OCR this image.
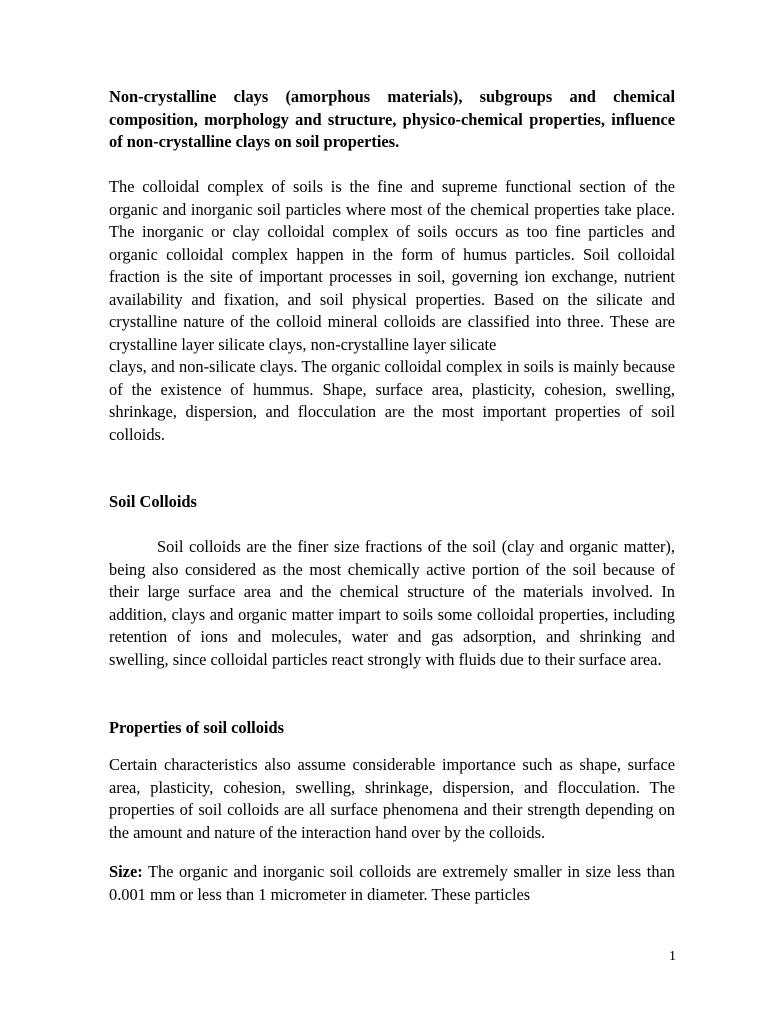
Non-crystalline clays (amorphous materials), subgroups and chemical composition, morphology and structure, physico-chemical properties, influence of non-crystalline clays on soil properties.

The colloidal complex of soils is the fine and supreme functional section of the organic and inorganic soil particles where most of the chemical properties take place. The inorganic or clay colloidal complex of soils occurs as too fine particles and organic colloidal complex happen in the form of humus particles. Soil colloidal fraction is the site of important processes in soil, governing ion exchange, nutrient availability and fixation, and soil physical properties. Based on the silicate and crystalline nature of the colloid mineral colloids are classified into three. These are crystalline layer silicate clays, non-crystalline layer silicate
clays, and non-silicate clays. The organic colloidal complex in soils is mainly because of the existence of hummus. Shape, surface area, plasticity, cohesion, swelling, shrinkage, dispersion, and flocculation are the most important properties of soil colloids.

Soil Colloids

Soil colloids are the finer size fractions of the soil (clay and organic matter), being also considered as the most chemically active portion of the soil because of their large surface area and the chemical structure of the materials involved. In addition, clays and organic matter impart to soils some colloidal properties, including retention of ions and molecules, water and gas adsorption, and shrinking and swelling, since colloidal particles react strongly with fluids due to their surface area.

Properties of soil colloids

Certain characteristics also assume considerable importance such as shape, surface area, plasticity, cohesion, swelling, shrinkage, dispersion, and flocculation. The properties of soil colloids are all surface phenomena and their strength depending on the amount and nature of the interaction hand over by the colloids.

Size: The organic and inorganic soil colloids are extremely smaller in size less than 0.001 mm or less than 1 micrometer in diameter. These particles

1
